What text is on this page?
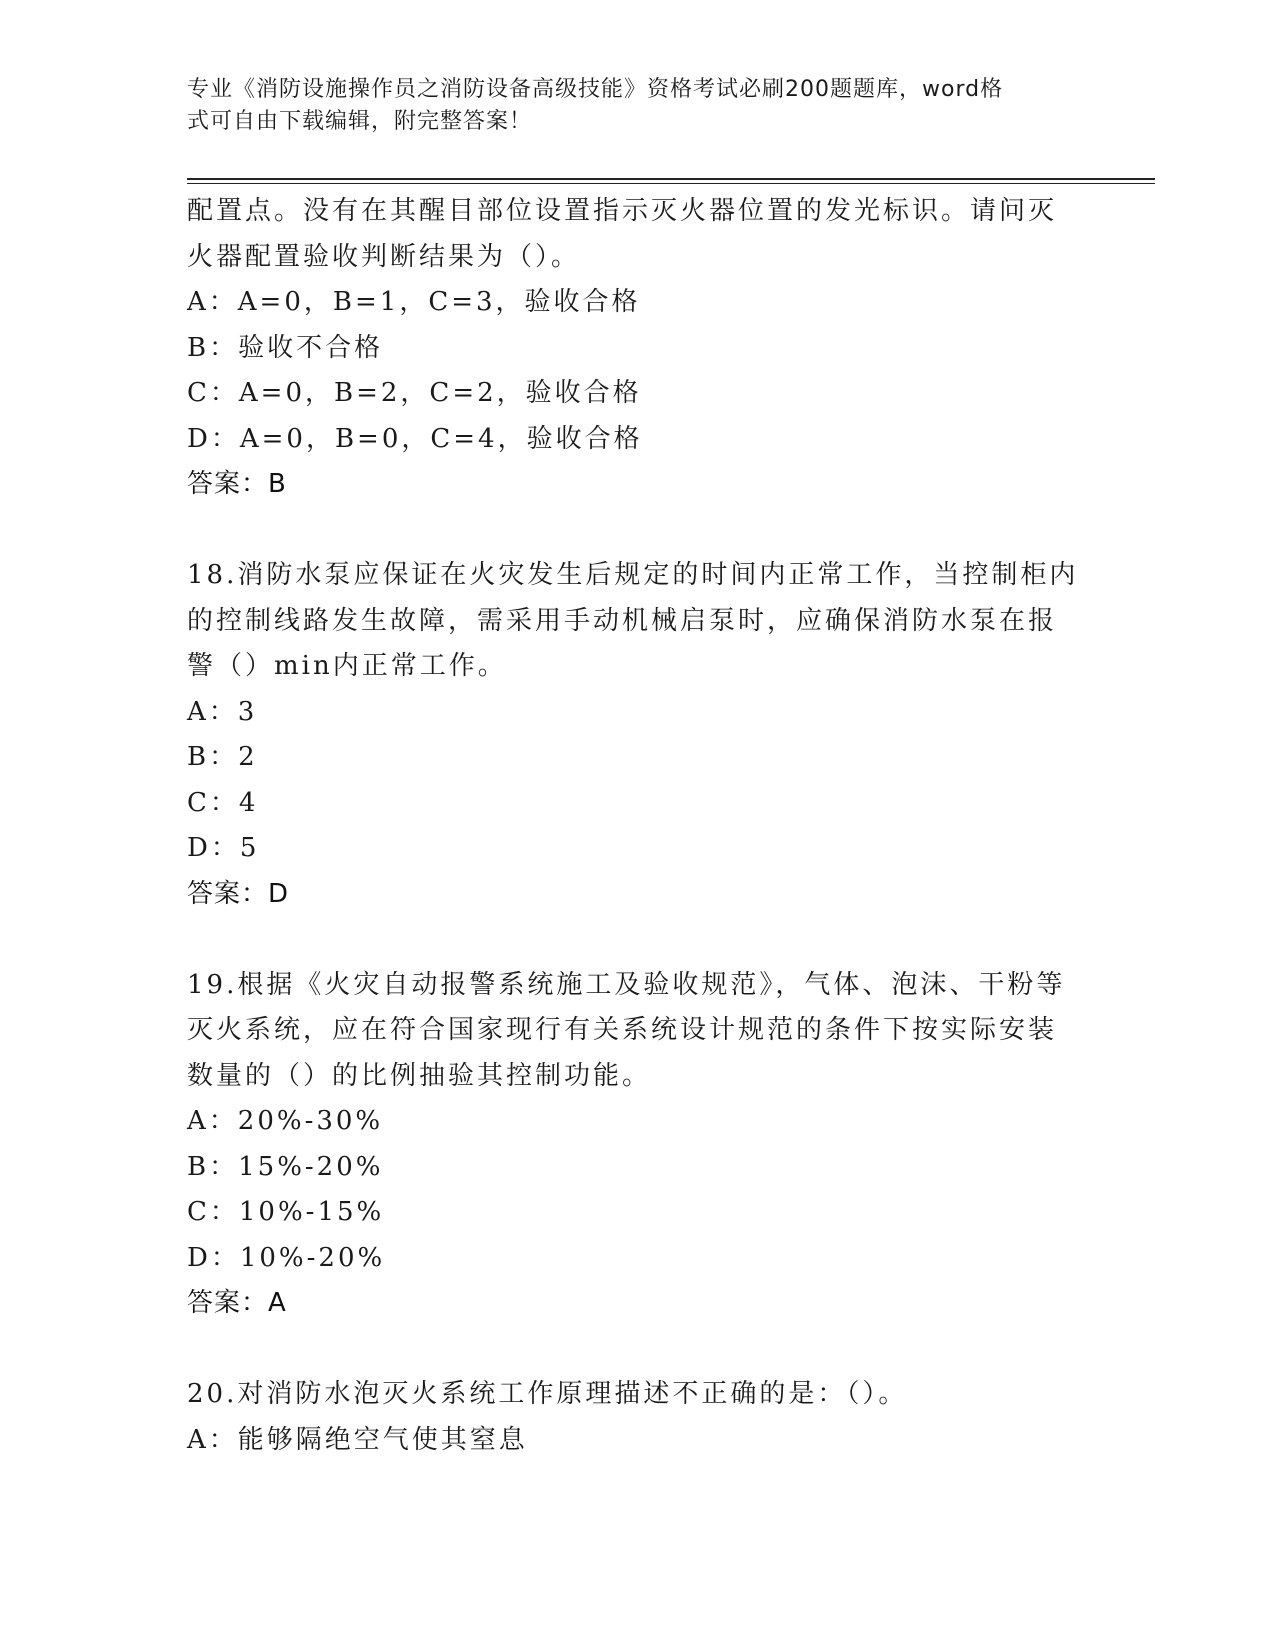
专业《消防设施操作员之消防设备高级技能》资格考试必刷200题题库，word格
式可自由下载编辑，附完整答案！
配置点。没有在其醒目部位设置指示灭火器位置的发光标识。请问灭
火器配置验收判断结果为（）。
A：A=0，B=1，C=3，验收合格
B：验收不合格
C：A=0，B=2，C=2，验收合格
D：A=0，B=0，C=4，验收合格
答案：B
18.消防水泵应保证在火灾发生后规定的时间内正常工作，当控制柜内
的控制线路发生故障，需采用手动机械启泵时，应确保消防水泵在报
警（）min内正常工作。
A：3
B：2
C：4
D：5
答案：D
19.根据《火灾自动报警系统施工及验收规范》，气体、泡沫、干粉等
灭火系统，应在符合国家现行有关系统设计规范的条件下按实际安装
数量的（）的比例抽验其控制功能。
A：20%-30%
B：15%-20%
C：10%-15%
D：10%-20%
答案：A
20.对消防水泡灭火系统工作原理描述不正确的是：（）。
A：能够隔绝空气使其窒息
